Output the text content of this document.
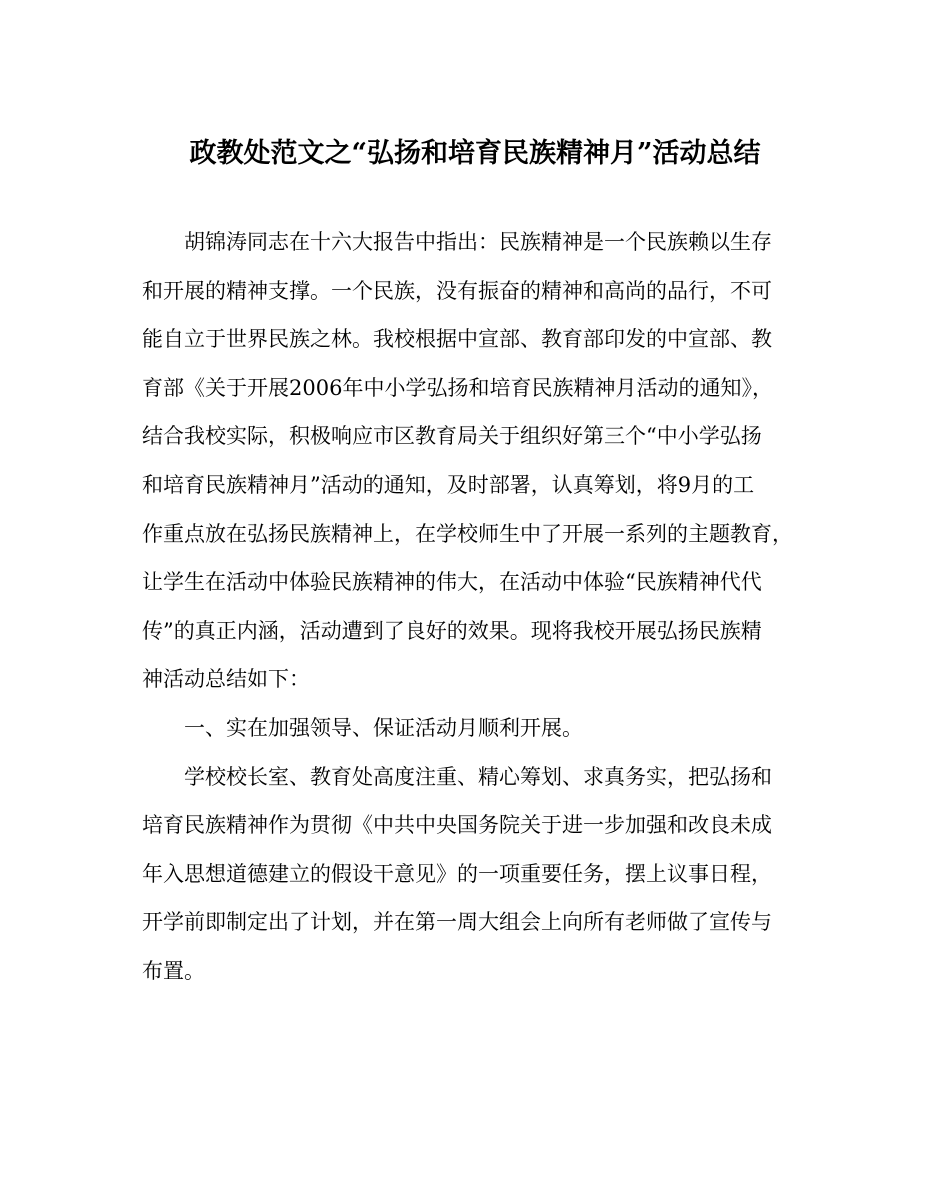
政教处范文之“弘扬和培育民族精神月”活动总结
胡锦涛同志在十六大报告中指出：民族精神是一个民族赖以生存
和开展的精神支撑。一个民族，没有振奋的精神和高尚的品行，不可
能自立于世界民族之林。我校根据中宣部、教育部印发的中宣部、教
育部《关于开展2006年中小学弘扬和培育民族精神月活动的通知》，
结合我校实际，积极响应市区教育局关于组织好第三个“中小学弘扬
和培育民族精神月”活动的通知，及时部署，认真筹划，将9月的工
作重点放在弘扬民族精神上，在学校师生中了开展一系列的主题教育，
让学生在活动中体验民族精神的伟大，在活动中体验“民族精神代代
传”的真正内涵，活动遭到了良好的效果。现将我校开展弘扬民族精
神活动总结如下：
一、实在加强领导、保证活动月顺利开展。
学校校长室、教育处高度注重、精心筹划、求真务实，把弘扬和
培育民族精神作为贯彻《中共中央国务院关于进一步加强和改良未成
年入思想道德建立的假设干意见》的一项重要任务，摆上议事日程，
开学前即制定出了计划，并在第一周大组会上向所有老师做了宣传与
布置。
